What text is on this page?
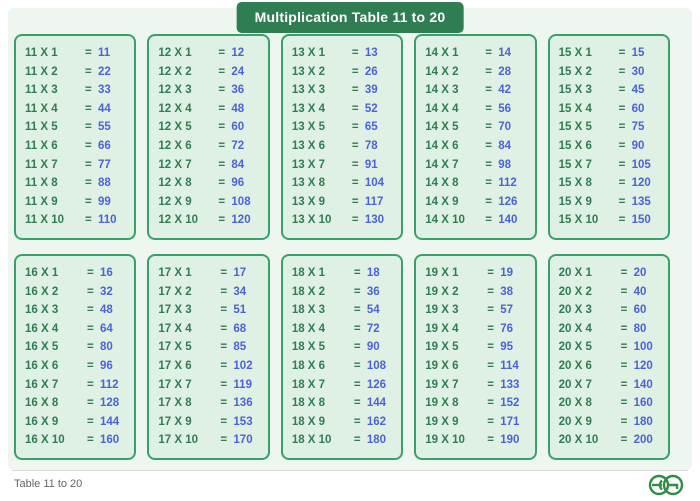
Multiplication Table 11 to 20
11 X 1	= 11
11 X 2	= 22
11 X 3	= 33
11 X 4	= 44
11 X 5	= 55
11 X 6	= 66
11 X 7	= 77
11 X 8	= 88
11 X 9	= 99
11 X 10	= 110
12 X 1	= 12
12 X 2	= 24
12 X 3	= 36
12 X 4	= 48
12 X 5	= 60
12 X 6	= 72
12 X 7	= 84
12 X 8	= 96
12 X 9	= 108
12 X 10	= 120
13 X 1	= 13
13 X 2	= 26
13 X 3	= 39
13 X 4	= 52
13 X 5	= 65
13 X 6	= 78
13 X 7	= 91
13 X 8	= 104
13 X 9	= 117
13 X 10	= 130
14 X 1	= 14
14 X 2	= 28
14 X 3	= 42
14 X 4	= 56
14 X 5	= 70
14 X 6	= 84
14 X 7	= 98
14 X 8	= 112
14 X 9	= 126
14 X 10	= 140
15 X 1	= 15
15 X 2	= 30
15 X 3	= 45
15 X 4	= 60
15 X 5	= 75
15 X 6	= 90
15 X 7	= 105
15 X 8	= 120
15 X 9	= 135
15 X 10	= 150
16 X 1	= 16
16 X 2	= 32
16 X 3	= 48
16 X 4	= 64
16 X 5	= 80
16 X 6	= 96
16 X 7	= 112
16 X 8	= 128
16 X 9	= 144
16 X 10	= 160
17 X 1	= 17
17 X 2	= 34
17 X 3	= 51
17 X 4	= 68
17 X 5	= 85
17 X 6	= 102
17 X 7	= 119
17 X 8	= 136
17 X 9	= 153
17 X 10	= 170
18 X 1	= 18
18 X 2	= 36
18 X 3	= 54
18 X 4	= 72
18 X 5	= 90
18 X 6	= 108
18 X 7	= 126
18 X 8	= 144
18 X 9	= 162
18 X 10	= 180
19 X 1	= 19
19 X 2	= 38
19 X 3	= 57
19 X 4	= 76
19 X 5	= 95
19 X 6	= 114
19 X 7	= 133
19 X 8	= 152
19 X 9	= 171
19 X 10	= 190
20 X 1	= 20
20 X 2	= 40
20 X 3	= 60
20 X 4	= 80
20 X 5	= 100
20 X 6	= 120
20 X 7	= 140
20 X 8	= 160
20 X 9	= 180
20 X 10	= 200
Table 11 to 20
